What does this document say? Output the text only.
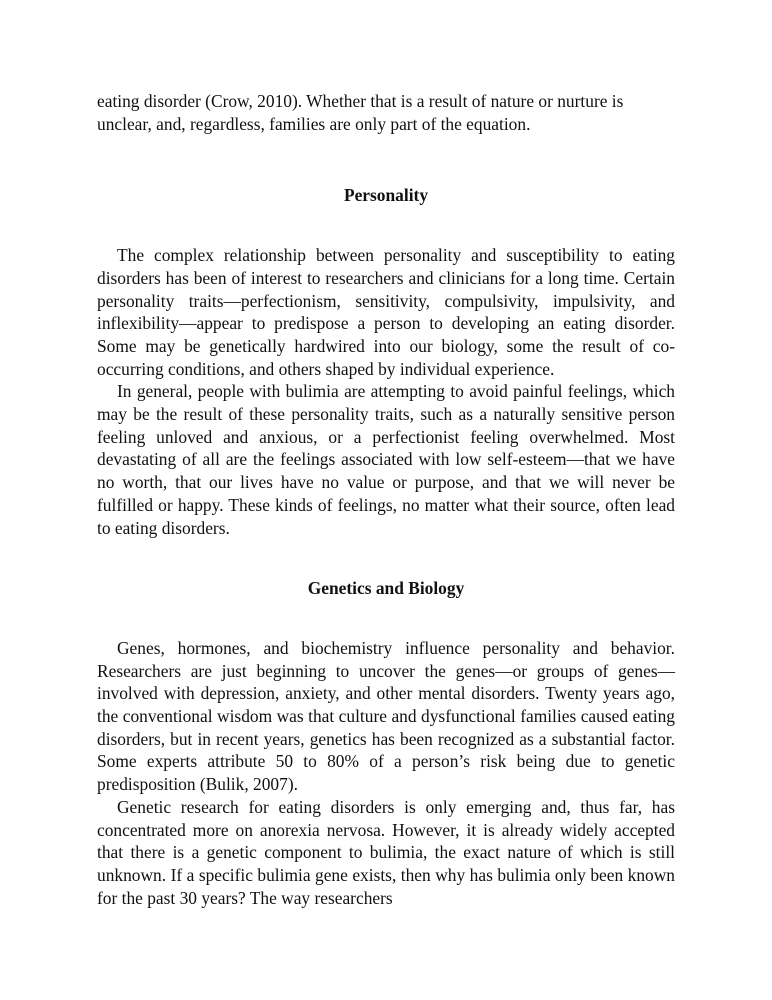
eating disorder (Crow, 2010). Whether that is a result of nature or nurture is unclear, and, regardless, families are only part of the equation.

Personality

The complex relationship between personality and susceptibility to eating disorders has been of interest to researchers and clinicians for a long time. Certain personality traits—perfectionism, sensitivity, compulsivity, impulsivity, and inflexibility—appear to predispose a person to developing an eating disorder. Some may be genetically hardwired into our biology, some the result of co-occurring conditions, and others shaped by individual experience.

In general, people with bulimia are attempting to avoid painful feelings, which may be the result of these personality traits, such as a naturally sensitive person feeling unloved and anxious, or a perfectionist feeling overwhelmed. Most devastating of all are the feelings associated with low self-esteem—that we have no worth, that our lives have no value or purpose, and that we will never be fulfilled or happy. These kinds of feelings, no matter what their source, often lead to eating disorders.

Genetics and Biology

Genes, hormones, and biochemistry influence personality and behavior. Researchers are just beginning to uncover the genes—or groups of genes—involved with depression, anxiety, and other mental disorders. Twenty years ago, the conventional wisdom was that culture and dysfunctional families caused eating disorders, but in recent years, genetics has been recognized as a substantial factor. Some experts attribute 50 to 80% of a person’s risk being due to genetic predisposition (Bulik, 2007).

Genetic research for eating disorders is only emerging and, thus far, has concentrated more on anorexia nervosa. However, it is already widely accepted that there is a genetic component to bulimia, the exact nature of which is still unknown. If a specific bulimia gene exists, then why has bulimia only been known for the past 30 years? The way researchers
